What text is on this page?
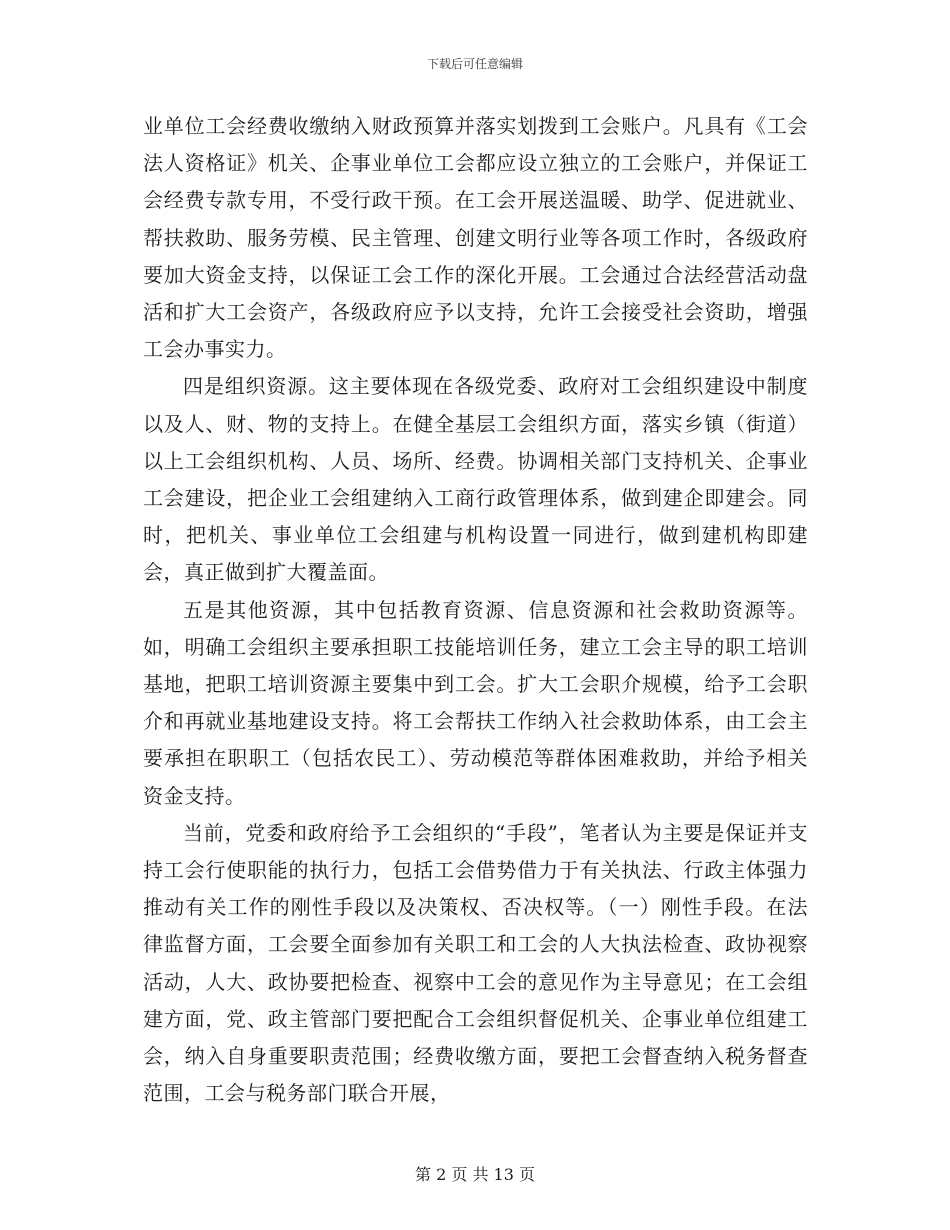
下载后可任意编辑

业单位工会经费收缴纳入财政预算并落实划拨到工会账户。凡具有《工会法人资格证》机关、企事业单位工会都应设立独立的工会账户，并保证工会经费专款专用，不受行政干预。在工会开展送温暖、助学、促进就业、帮扶救助、服务劳模、民主管理、创建文明行业等各项工作时，各级政府要加大资金支持，以保证工会工作的深化开展。工会通过合法经营活动盘活和扩大工会资产，各级政府应予以支持，允许工会接受社会资助，增强工会办事实力。

四是组织资源。这主要体现在各级党委、政府对工会组织建设中制度以及人、财、物的支持上。在健全基层工会组织方面，落实乡镇（街道）以上工会组织机构、人员、场所、经费。协调相关部门支持机关、企事业工会建设，把企业工会组建纳入工商行政管理体系，做到建企即建会。同时，把机关、事业单位工会组建与机构设置一同进行，做到建机构即建会，真正做到扩大覆盖面。

五是其他资源，其中包括教育资源、信息资源和社会救助资源等。如，明确工会组织主要承担职工技能培训任务，建立工会主导的职工培训基地，把职工培训资源主要集中到工会。扩大工会职介规模，给予工会职介和再就业基地建设支持。将工会帮扶工作纳入社会救助体系，由工会主要承担在职职工（包括农民工）、劳动模范等群体困难救助，并给予相关资金支持。

当前，党委和政府给予工会组织的“手段”，笔者认为主要是保证并支持工会行使职能的执行力，包括工会借势借力于有关执法、行政主体强力推动有关工作的刚性手段以及决策权、否决权等。（一）刚性手段。在法律监督方面，工会要全面参加有关职工和工会的人大执法检查、政协视察活动，人大、政协要把检查、视察中工会的意见作为主导意见；在工会组建方面，党、政主管部门要把配合工会组织督促机关、企事业单位组建工会，纳入自身重要职责范围；经费收缴方面，要把工会督查纳入税务督查范围，工会与税务部门联合开展，

第 2 页 共 13 页
